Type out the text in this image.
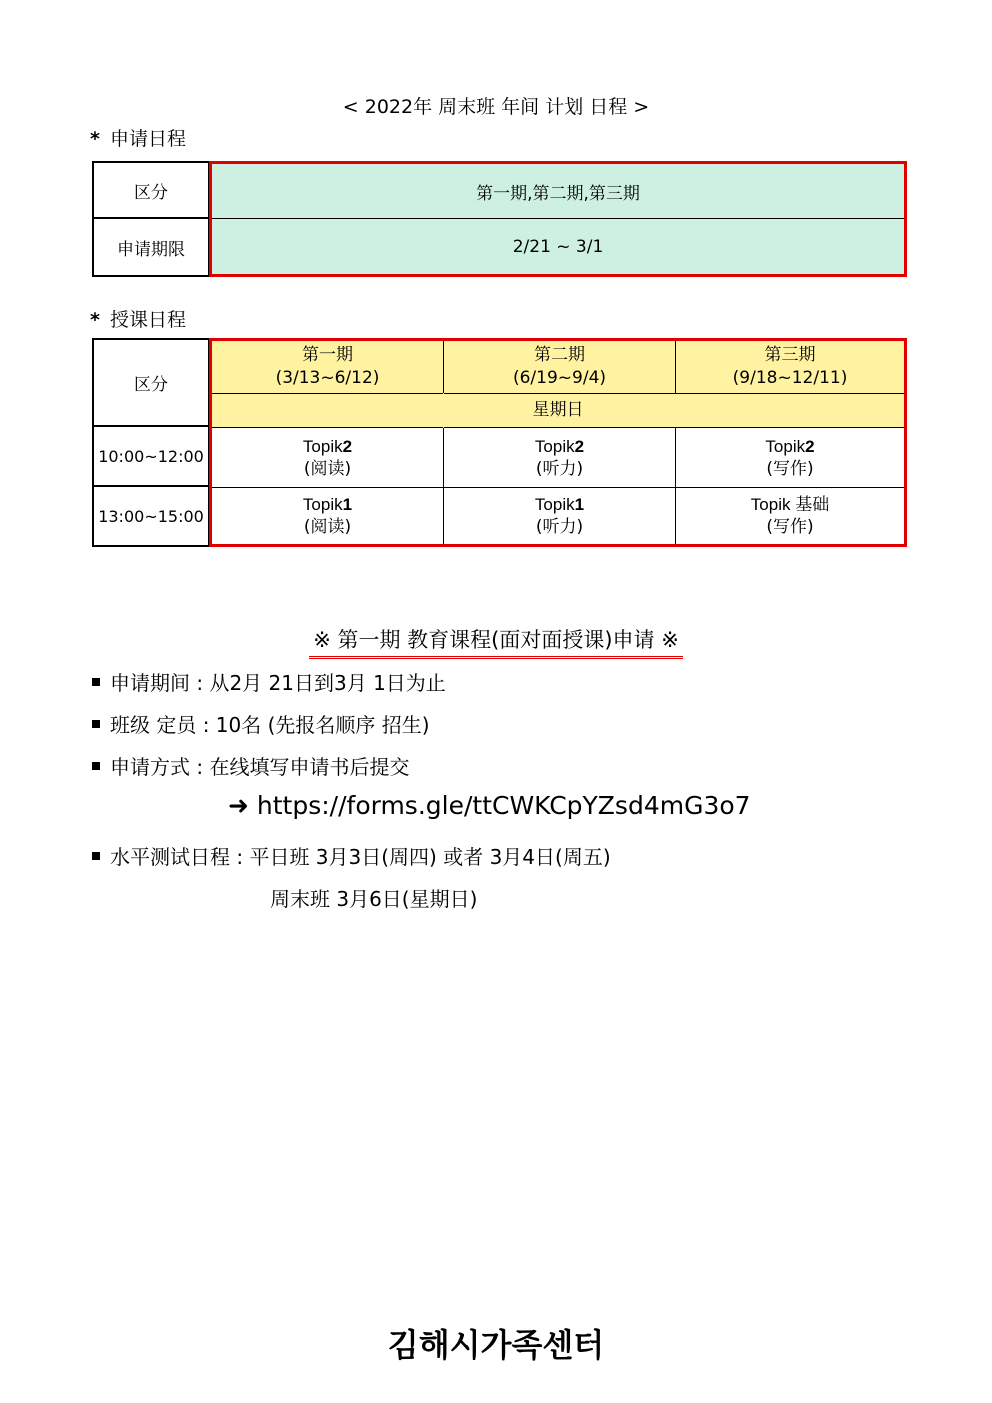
< 2022年 周末班 年间 计划 日程 >
* 申请日程
区分
申请期限
第一期,第二期,第三期
2/21 ~ 3/1
* 授课日程
区分
10:00~12:00
13:00~15:00
第一期
(3/13~6/12)
第二期
(6/19~9/4)
第三期
(9/18~12/11)
星期日
Topik2
(阅读)
Topik2
(听力)
Topik2
(写作)
Topik1
(阅读)
Topik1
(听力)
Topik 基础
(写作)
※ 第一期 教育课程(面对面授课)申请 ※
申请期间 : 从2月 21日到3月 1日为止
班级 定员 : 10名 (先报名顺序 招生)
申请方式 : 在线填写申请书后提交
➜ https://forms.gle/ttCWKCpYZsd4mG3o7
水平测试日程 : 平日班 3月3日(周四) 或者 3月4日(周五)
周末班 3月6日(星期日)
김해시가족센터
